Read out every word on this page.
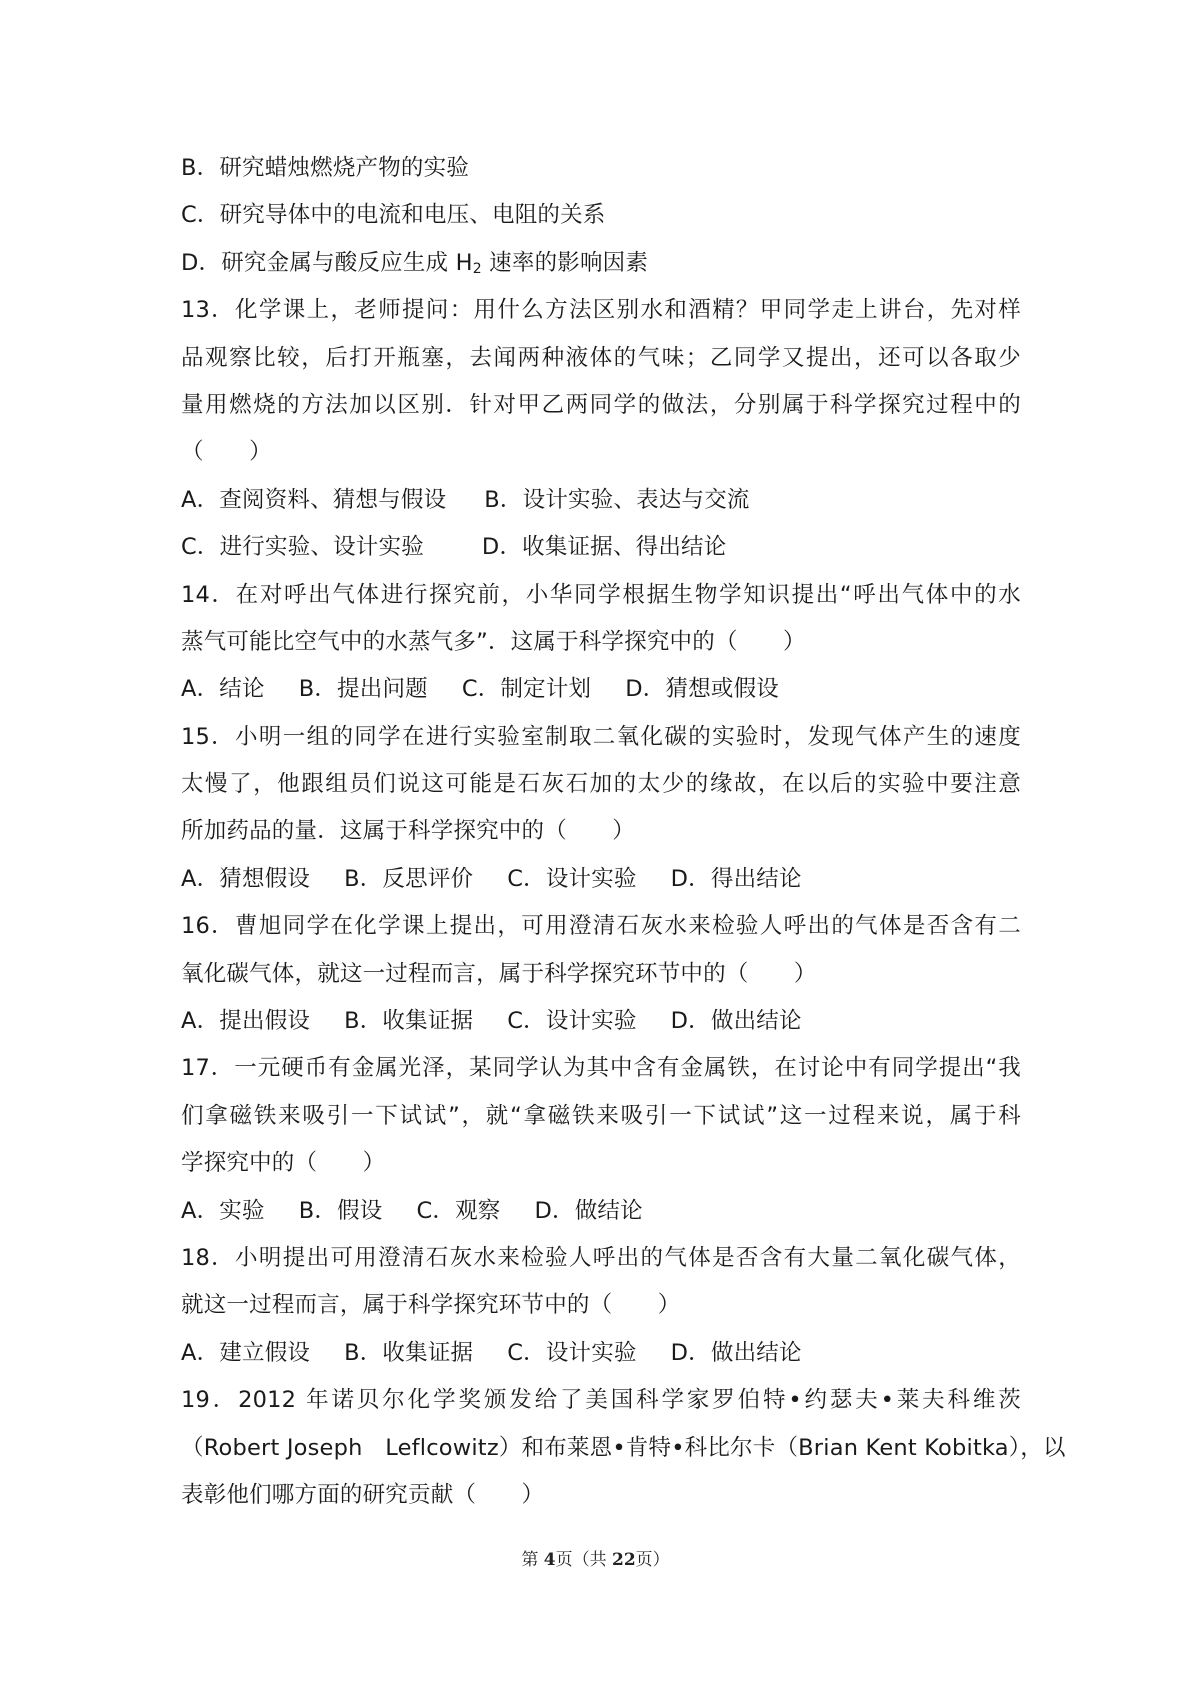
B．研究蜡烛燃烧产物的实验
C．研究导体中的电流和电压、电阻的关系
D．研究金属与酸反应生成 $H_2$ 速率的影响因素
13．化学课上，老师提问：用什么方法区别水和酒精？甲同学走上讲台，先对样
品观察比较，后打开瓶塞，去闻两种液体的气味；乙同学又提出，还可以各取少
量用燃烧的方法加以区别．针对甲乙两同学的做法，分别属于科学探究过程中的
（　　）
A．查阅资料、猜想与假设 B．设计实验、表达与交流
C．进行实验、设计实验	D．收集证据、得出结论
14．在对呼出气体进行探究前，小华同学根据生物学知识提出“呼出气体中的水
蒸气可能比空气中的水蒸气多”．这属于科学探究中的（　　）
A．结论 B．提出问题 C．制定计划 D．猜想或假设
15．小明一组的同学在进行实验室制取二氧化碳的实验时，发现气体产生的速度
太慢了，他跟组员们说这可能是石灰石加的太少的缘故，在以后的实验中要注意
所加药品的量．这属于科学探究中的（　　）
A．猜想假设 B．反思评价 C．设计实验 D．得出结论
16．曹旭同学在化学课上提出，可用澄清石灰水来检验人呼出的气体是否含有二
氧化碳气体，就这一过程而言，属于科学探究环节中的（　　）
A．提出假设 B．收集证据 C．设计实验 D．做出结论
17．一元硬币有金属光泽，某同学认为其中含有金属铁，在讨论中有同学提出“我
们拿磁铁来吸引一下试试”，就“拿磁铁来吸引一下试试”这一过程来说，属于科
学探究中的（　　）
A．实验 B．假设 C．观察 D．做结论
18．小明提出可用澄清石灰水来检验人呼出的气体是否含有大量二氧化碳气体，
就这一过程而言，属于科学探究环节中的（　　）
A．建立假设 B．收集证据 C．设计实验 D．做出结论
19．2012 年诺贝尔化学奖颁发给了美国科学家罗伯特•约瑟夫•莱夫科维茨
（Robert Joseph　Leflcowitz）和布莱恩•肯特•科比尔卡（Brian Kent Kobitka），以
表彰他们哪方面的研究贡献（　　）
第 4页（共 22页）
